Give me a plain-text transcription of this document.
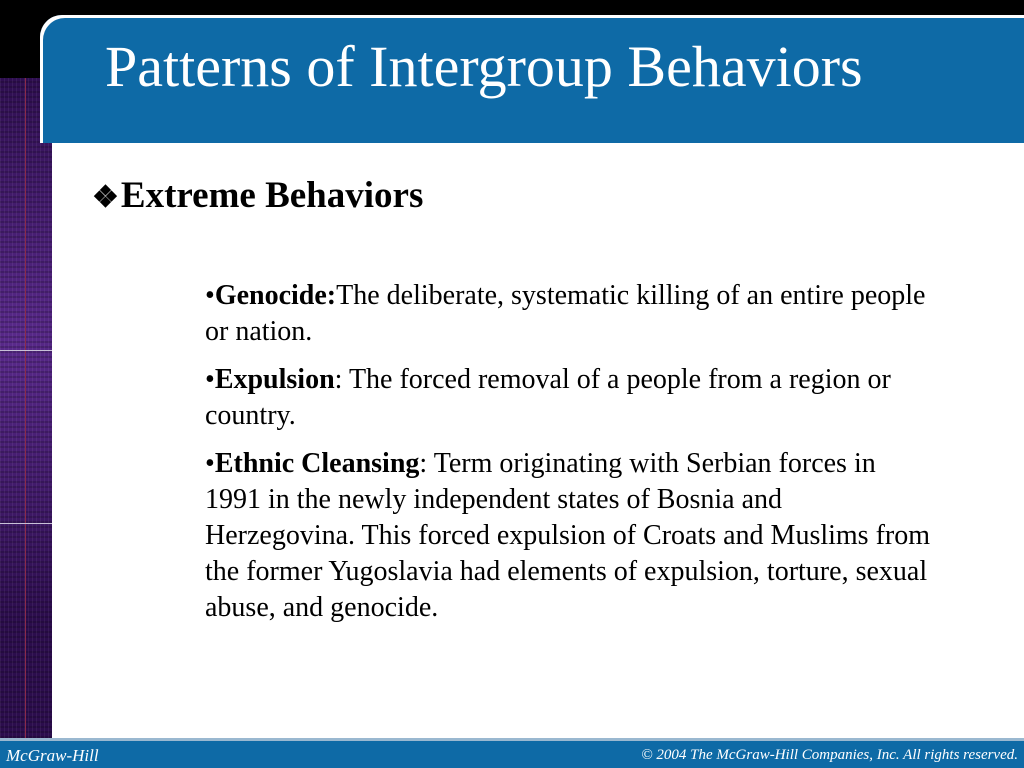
Patterns of Intergroup Behaviors
❖Extreme Behaviors

•Genocide:The deliberate, systematic killing of an entire people or nation.

•Expulsion: The forced removal of a people from a region or country.

•Ethnic Cleansing: Term originating with Serbian forces in 1991 in the newly independent states of Bosnia and Herzegovina. This forced expulsion of Croats and Muslims from the former Yugoslavia had elements of expulsion, torture, sexual abuse, and genocide.

McGraw-Hill	© 2004 The McGraw-Hill Companies, Inc. All rights reserved.
